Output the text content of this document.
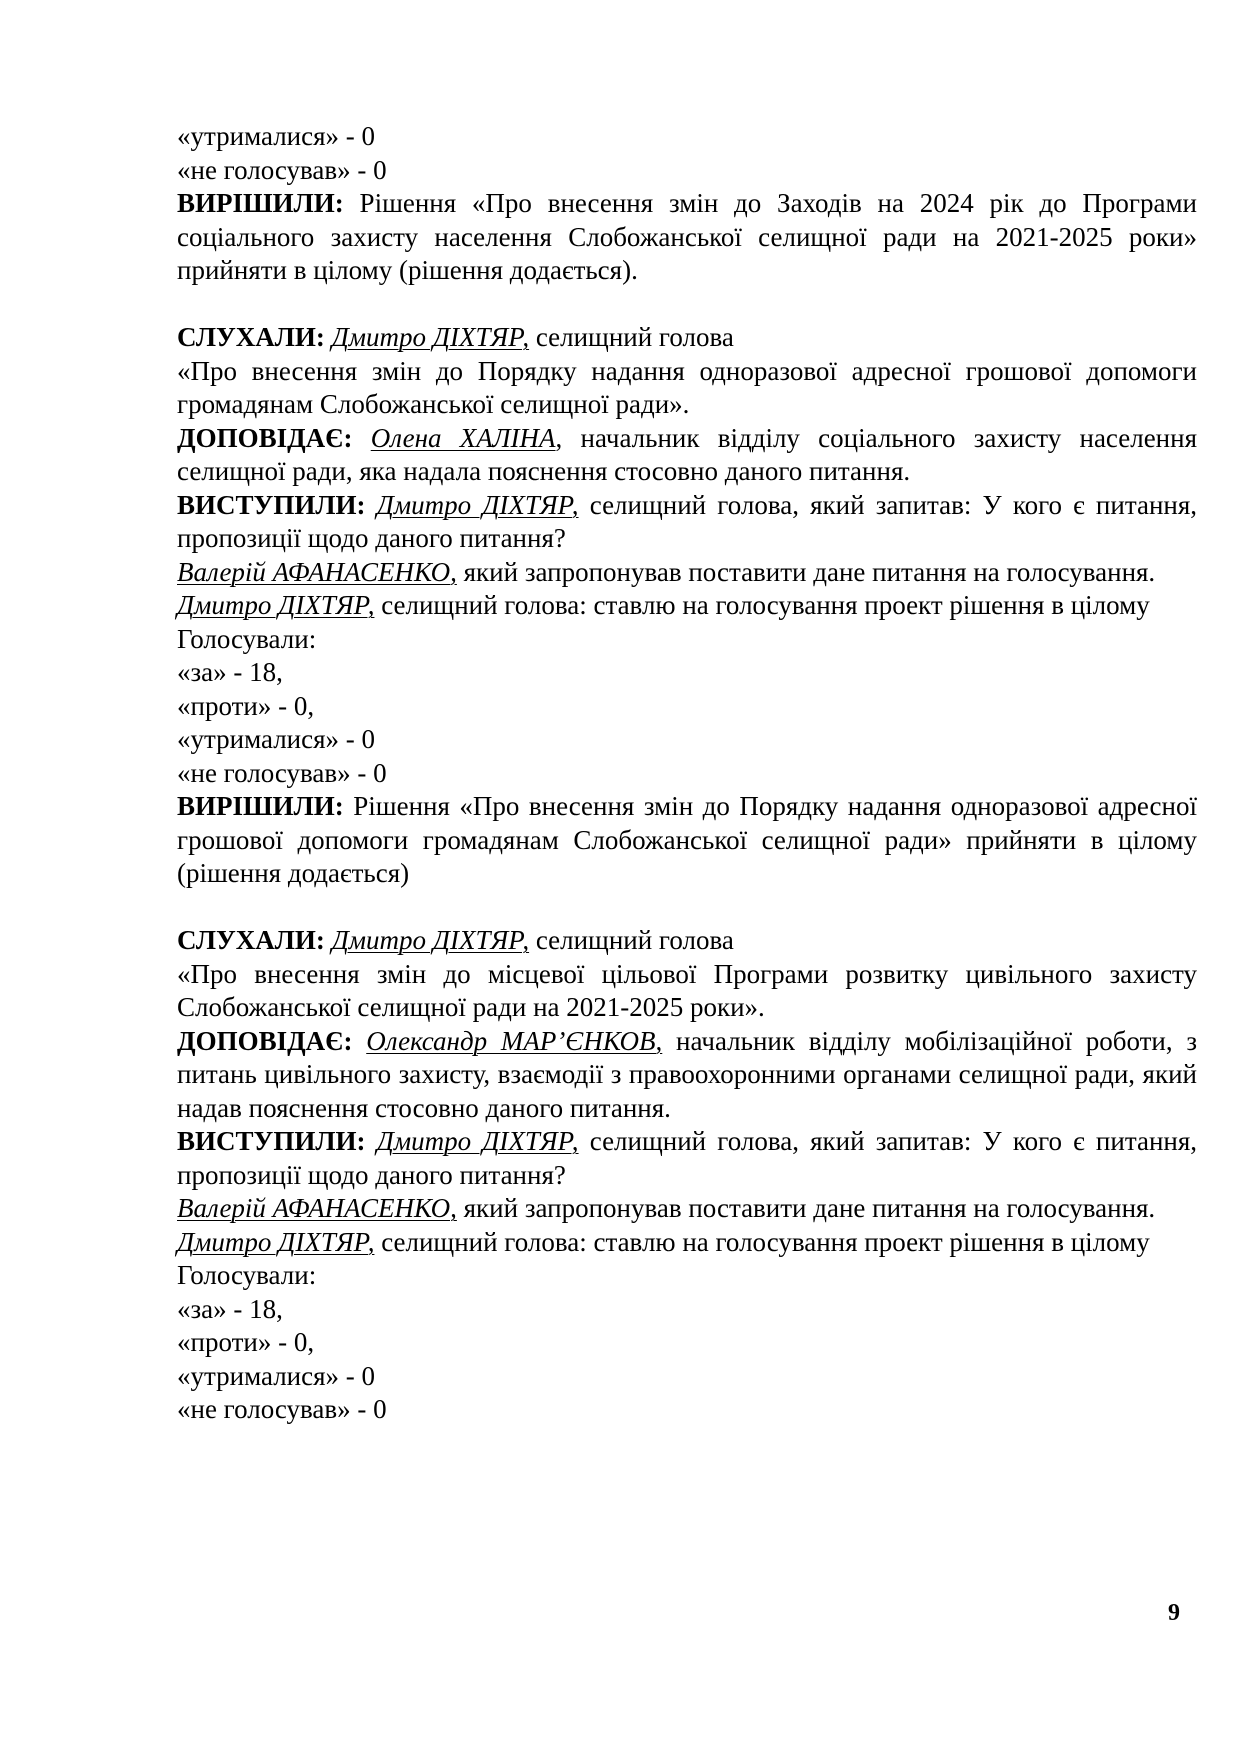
«утрималися» - 0

«не голосував» - 0

ВИРІШИЛИ: Рішення «Про внесення змін до Заходів на 2024 рік до Програми соціального захисту населення Слобожанської селищної ради на 2021-2025 роки» прийняти в цілому (рішення додається).

СЛУХАЛИ: Дмитро ДІХТЯР, селищний голова

«Про внесення змін до Порядку надання одноразової адресної грошової допомоги громадянам Слобожанської селищної ради».

ДОПОВІДАЄ: Олена ХАЛІНА, начальник відділу соціального захисту населення селищної ради, яка надала пояснення стосовно даного питання.

ВИСТУПИЛИ: Дмитро ДІХТЯР, селищний голова, який запитав: У кого є питання, пропозиції щодо даного питання?

Валерій АФАНАСЕНКО, який запропонував поставити дане питання на голосування.

Дмитро ДІХТЯР, селищний голова: ставлю на голосування проект рішення в цілому

Голосували:

«за» - 18,

«проти» - 0,

«утрималися» - 0

«не голосував» - 0

ВИРІШИЛИ: Рішення «Про внесення змін до Порядку надання одноразової адресної грошової допомоги громадянам Слобожанської селищної ради» прийняти в цілому (рішення додається)

СЛУХАЛИ: Дмитро ДІХТЯР, селищний голова

«Про внесення змін до місцевої цільової Програми розвитку цивільного захисту Слобожанської селищної ради на 2021-2025 роки».

ДОПОВІДАЄ: Олександр МАР’ЄНКОВ, начальник відділу мобілізаційної роботи, з питань цивільного захисту, взаємодії з правоохоронними органами селищної ради, який надав пояснення стосовно даного питання.

ВИСТУПИЛИ: Дмитро ДІХТЯР, селищний голова, який запитав: У кого є питання, пропозиції щодо даного питання?

Валерій АФАНАСЕНКО, який запропонував поставити дане питання на голосування.

Дмитро ДІХТЯР, селищний голова: ставлю на голосування проект рішення в цілому

Голосували:

«за» - 18,

«проти» - 0,

«утрималися» - 0

«не голосував» - 0

9
